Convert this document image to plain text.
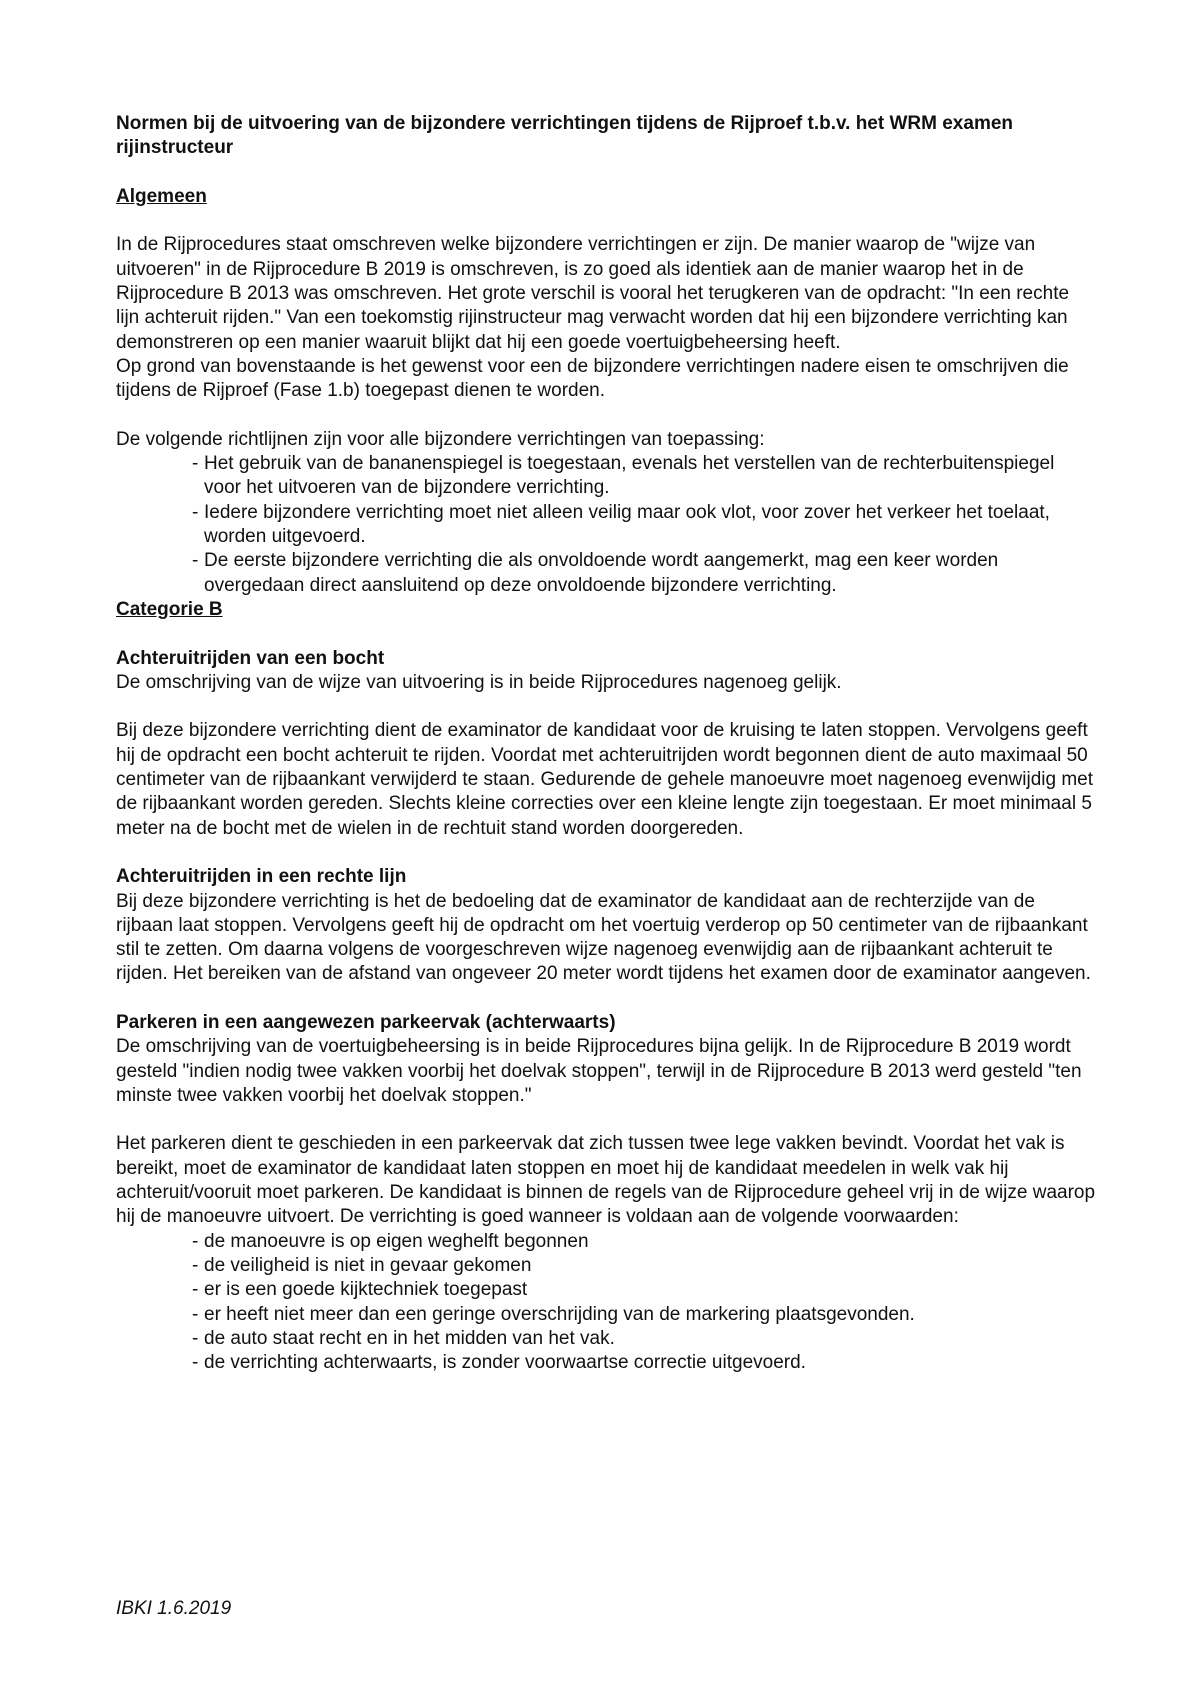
Normen bij de uitvoering van de bijzondere verrichtingen tijdens de Rijproef t.b.v. het WRM examen rijinstructeur
Algemeen

In de Rijprocedures staat omschreven welke bijzondere verrichtingen er zijn. De manier waarop de "wijze van uitvoeren" in de Rijprocedure B 2019 is omschreven, is zo goed als identiek aan de manier waarop het in de Rijprocedure B 2013 was omschreven. Het grote verschil is vooral het terugkeren van de opdracht: "In een rechte lijn achteruit rijden." Van een toekomstig rijinstructeur mag verwacht worden dat hij een bijzondere verrichting kan demonstreren op een manier waaruit blijkt dat hij een goede voertuigbeheersing heeft.

Op grond van bovenstaande is het gewenst voor een de bijzondere verrichtingen nadere eisen te omschrijven die tijdens de Rijproef (Fase 1.b) toegepast dienen te worden.

De volgende richtlijnen zijn voor alle bijzondere verrichtingen van toepassing:

- Het gebruik van de bananenspiegel is toegestaan, evenals het verstellen van de rechterbuitenspiegel voor het uitvoeren van de bijzondere verrichting.
- Iedere bijzondere verrichting moet niet alleen veilig maar ook vlot, voor zover het verkeer het toelaat, worden uitgevoerd.
- De eerste bijzondere verrichting die als onvoldoende wordt aangemerkt, mag een keer worden overgedaan direct aansluitend op deze onvoldoende bijzondere verrichting.
Categorie B
Achteruitrijden van een bocht

De omschrijving van de wijze van uitvoering is in beide Rijprocedures nagenoeg gelijk.

Bij deze bijzondere verrichting dient de examinator de kandidaat voor de kruising te laten stoppen. Vervolgens geeft hij de opdracht een bocht achteruit te rijden. Voordat met achteruitrijden wordt begonnen dient de auto maximaal 50 centimeter van de rijbaankant verwijderd te staan. Gedurende de gehele manoeuvre moet nagenoeg evenwijdig met de rijbaankant worden gereden. Slechts kleine correcties over een kleine lengte zijn toegestaan. Er moet minimaal 5 meter na de bocht met de wielen in de rechtuit stand worden doorgereden.

Achteruitrijden in een rechte lijn

Bij deze bijzondere verrichting is het de bedoeling dat de examinator de kandidaat aan de rechterzijde van de rijbaan laat stoppen. Vervolgens geeft hij de opdracht om het voertuig verderop op 50 centimeter van de rijbaankant stil te zetten. Om daarna volgens de voorgeschreven wijze nagenoeg evenwijdig aan de rijbaankant achteruit te rijden. Het bereiken van de afstand van ongeveer 20 meter wordt tijdens het examen door de examinator aangeven.

Parkeren in een aangewezen parkeervak (achterwaarts)

De omschrijving van de voertuigbeheersing is in beide Rijprocedures bijna gelijk. In de Rijprocedure B 2019 wordt gesteld "indien nodig twee vakken voorbij het doelvak stoppen", terwijl in de Rijprocedure B 2013 werd gesteld "ten minste twee vakken voorbij het doelvak stoppen."

Het parkeren dient te geschieden in een parkeervak dat zich tussen twee lege vakken bevindt. Voordat het vak is bereikt, moet de examinator de kandidaat laten stoppen en moet hij de kandidaat meedelen in welk vak hij achteruit/vooruit moet parkeren. De kandidaat is binnen de regels van de Rijprocedure geheel vrij in de wijze waarop hij de manoeuvre uitvoert. De verrichting is goed wanneer is voldaan aan de volgende voorwaarden:

- de manoeuvre is op eigen weghelft begonnen
- de veiligheid is niet in gevaar gekomen
- er is een goede kijktechniek toegepast
- er heeft niet meer dan een geringe overschrijding van de markering plaatsgevonden.
- de auto staat recht en in het midden van het vak.
- de verrichting achterwaarts, is zonder voorwaartse correctie uitgevoerd.
IBKI 1.6.2019
